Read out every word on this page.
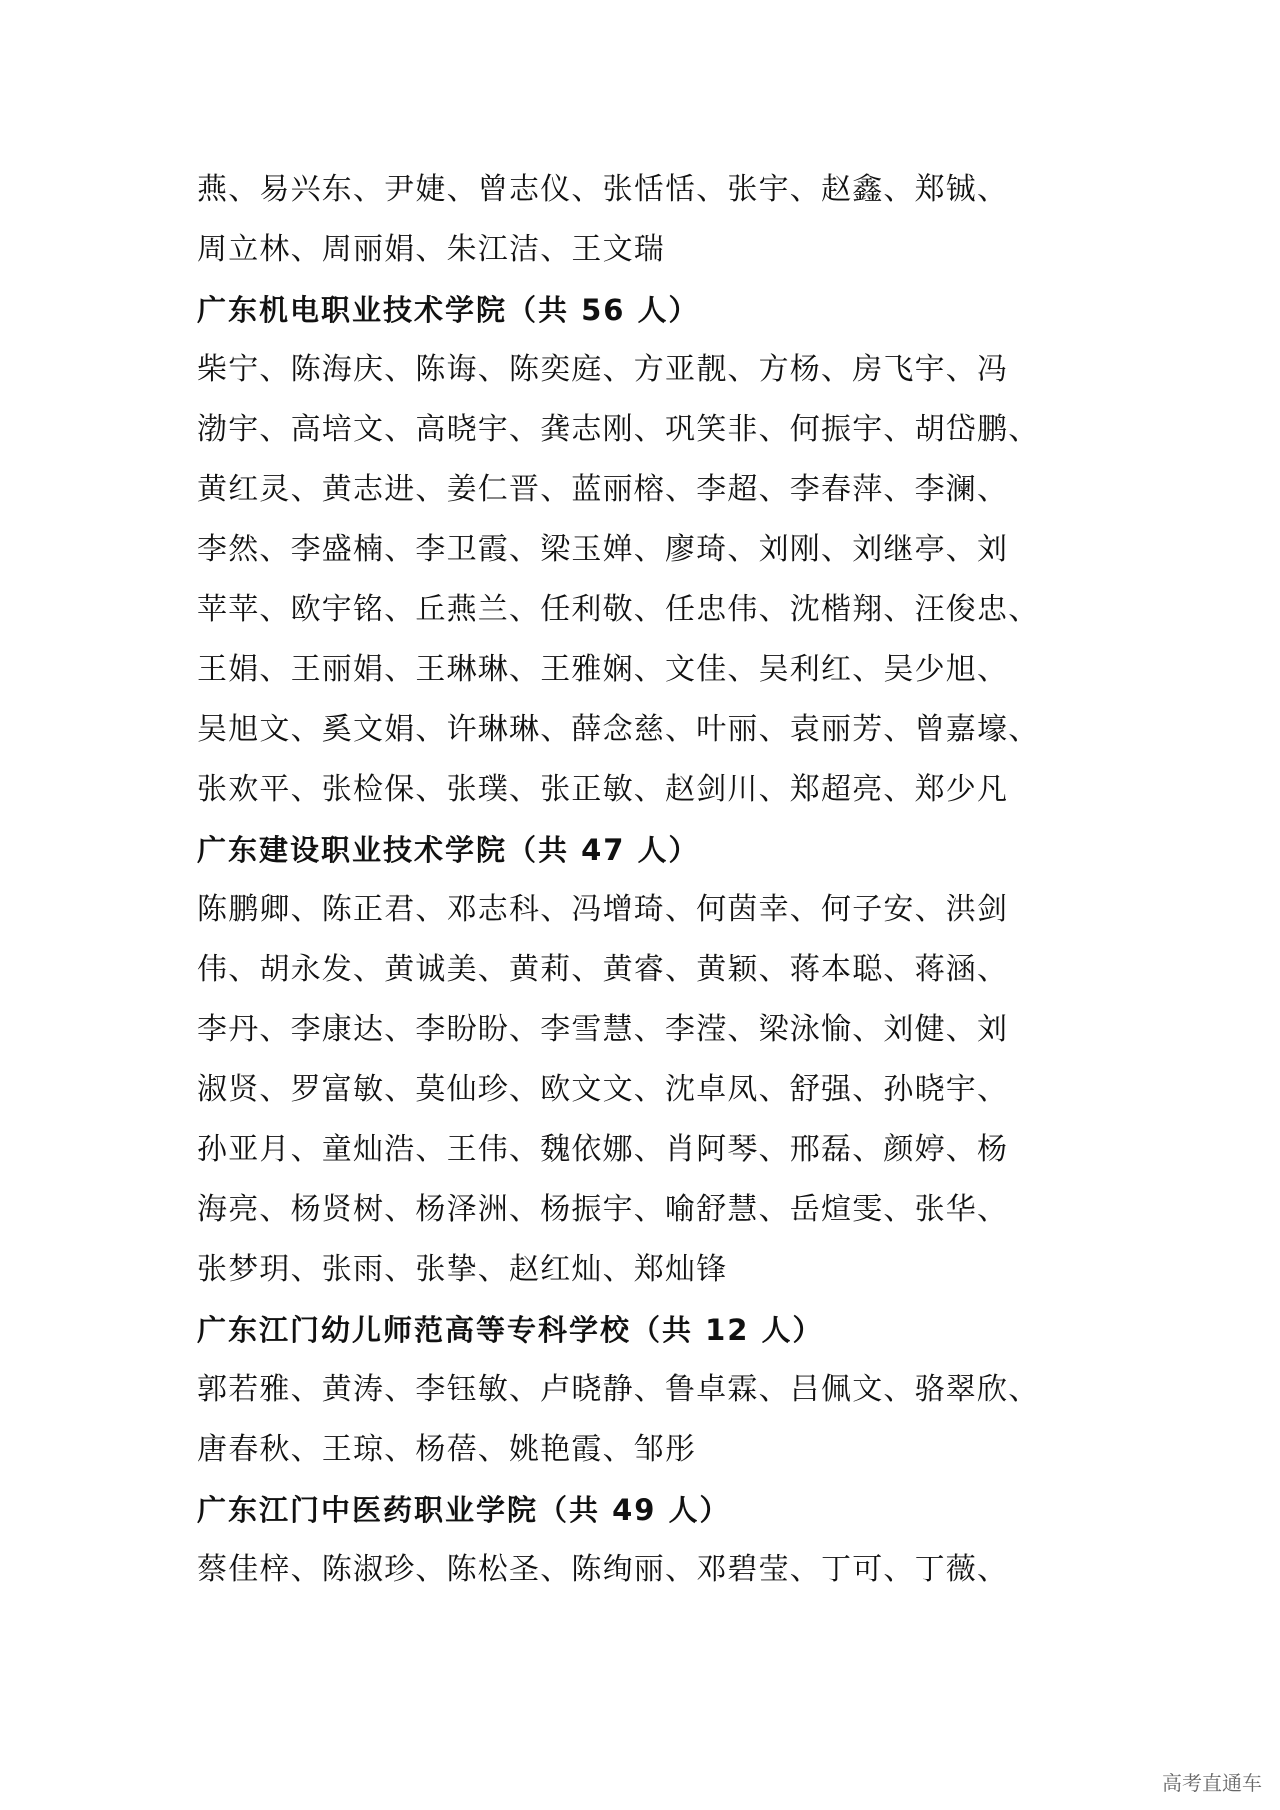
燕、易兴东、尹婕、曾志仪、张恬恬、张宇、赵鑫、郑铖、
周立林、周丽娟、朱江洁、王文瑞
广东机电职业技术学院（共 56 人）
柴宁、陈海庆、陈诲、陈奕庭、方亚靓、方杨、房飞宇、冯
渤宇、高培文、高晓宇、龚志刚、巩笑非、何振宇、胡岱鹏、
黄红灵、黄志进、姜仁晋、蓝丽榕、李超、李春萍、李澜、
李然、李盛楠、李卫霞、梁玉婵、廖琦、刘刚、刘继亭、刘
苹苹、欧宇铭、丘燕兰、任利敬、任忠伟、沈楷翔、汪俊忠、
王娟、王丽娟、王琳琳、王雅娴、文佳、吴利红、吴少旭、
吴旭文、奚文娟、许琳琳、薛念慈、叶丽、袁丽芳、曾嘉壕、
张欢平、张检保、张璞、张正敏、赵剑川、郑超亮、郑少凡
广东建设职业技术学院（共 47 人）
陈鹏卿、陈正君、邓志科、冯增琦、何茵幸、何子安、洪剑
伟、胡永发、黄诚美、黄莉、黄睿、黄颖、蒋本聪、蒋涵、
李丹、李康达、李盼盼、李雪慧、李滢、梁泳愉、刘健、刘
淑贤、罗富敏、莫仙珍、欧文文、沈卓凤、舒强、孙晓宇、
孙亚月、童灿浩、王伟、魏依娜、肖阿琴、邢磊、颜婷、杨
海亮、杨贤树、杨泽洲、杨振宇、喻舒慧、岳煊雯、张华、
张梦玥、张雨、张挚、赵红灿、郑灿锋
广东江门幼儿师范高等专科学校（共 12 人）
郭若雅、黄涛、李钰敏、卢晓静、鲁卓霖、吕佩文、骆翠欣、
唐春秋、王琼、杨蓓、姚艳霞、邹彤
广东江门中医药职业学院（共 49 人）
蔡佳梓、陈淑珍、陈松圣、陈绚丽、邓碧莹、丁可、丁薇、
高考直通车
